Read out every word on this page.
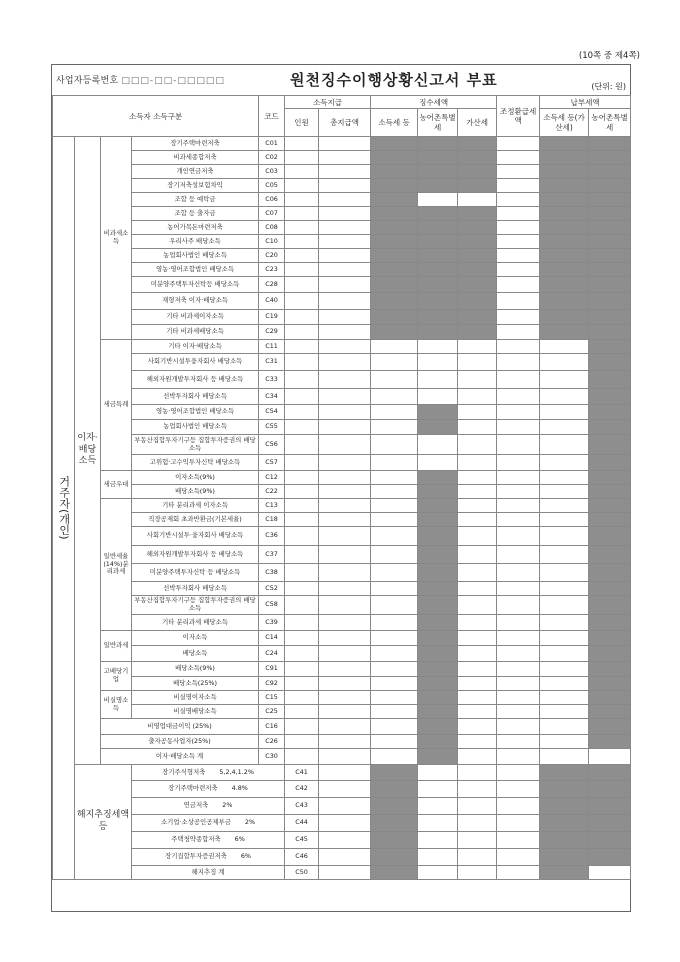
(10쪽 중 제4쪽)
사업자등록번호 □□□-□□-□□□□□	원천징수이행상황신고서 부표	(단위: 원)
소득자 소득구분				코드	소득지급		징수세액			조정환급세액	납부세액		
					인원	총지급액	소득세 등	농어촌특별세	가산세		소득세 등(가산세)	농어촌특별세	
거주자(개인)	이자·배당소득	비과세소득	장기주택마련저축	C01									
			비과세종합저축	C02									
			개인연금저축	C03									
			장기저축성보험차익	C05									
			조합 등 예탁금	C06									
			조합 등 출자금	C07									
			농어가목돈마련저축	C08									
			우리사주 배당소득	C10									
			농업회사법인 배당소득	C20									
			영농·영어조합법인 배당소득	C23									
			미분양주택투자신탁등 배당소득	C28									
			재형저축 이자·배당소득	C40									
			기타 비과세이자소득	C19									
			기타 비과세배당소득	C29									
		세금특례	기타 이자·배당소득	C11									
			사회기반시설투융자회사 배당소득	C31									
			해외자원개발투자회사 등 배당소득	C33									
			선박투자회사 배당소득	C34									
			영농·영어조합법인 배당소득	C54									
			농업회사법인 배당소득	C55									
			부동산집합투자기구등 집합투자증권의 배당소득	C56									
			고위험·고수익투자신탁 배당소득	C57									
		세금우대	이자소득(9%)	C12									
			배당소득(9%)	C22									
		일반세율(14%)분리과세	기타 분리과세 이자소득	C13									
			직장공제회 초과반환금(기본세율)	C18									
			사회기반시설투·융자회사 배당소득	C36									
			해외자원개발투자회사 등 배당소득	C37									
			미분양주택투자신탁 등 배당소득	C38									
			선박투자회사 배당소득	C52									
			부동산집합투자기구등 집합투자증권의 배당소득	C58									
			기타 분리과세 배당소득	C39									
		일반과세	이자소득	C14									
			배당소득	C24									
		고배당기업	배당소득(9%)	C91									
			배당소득(25%)	C92									
		비실명소득	비실명이자소득	C15									
			비실명배당소득	C25									
		비영업대금이익 (25%)		C16									
		출자공동사업자(25%)		C26									
		이자·배당소득 계		C30									
	해지추징세액 등		장기주식형저축 5,2,4,1.2%		C41								
			장기주택마련저축 4.8%		C42								
			연금저축 2%		C43								
			소기업·소상공인공제부금 2%		C44								
			주택청약종합저축 6%		C45								
			장기집합투자증권저축 6%		C46								
			해지추징 계		C50								
